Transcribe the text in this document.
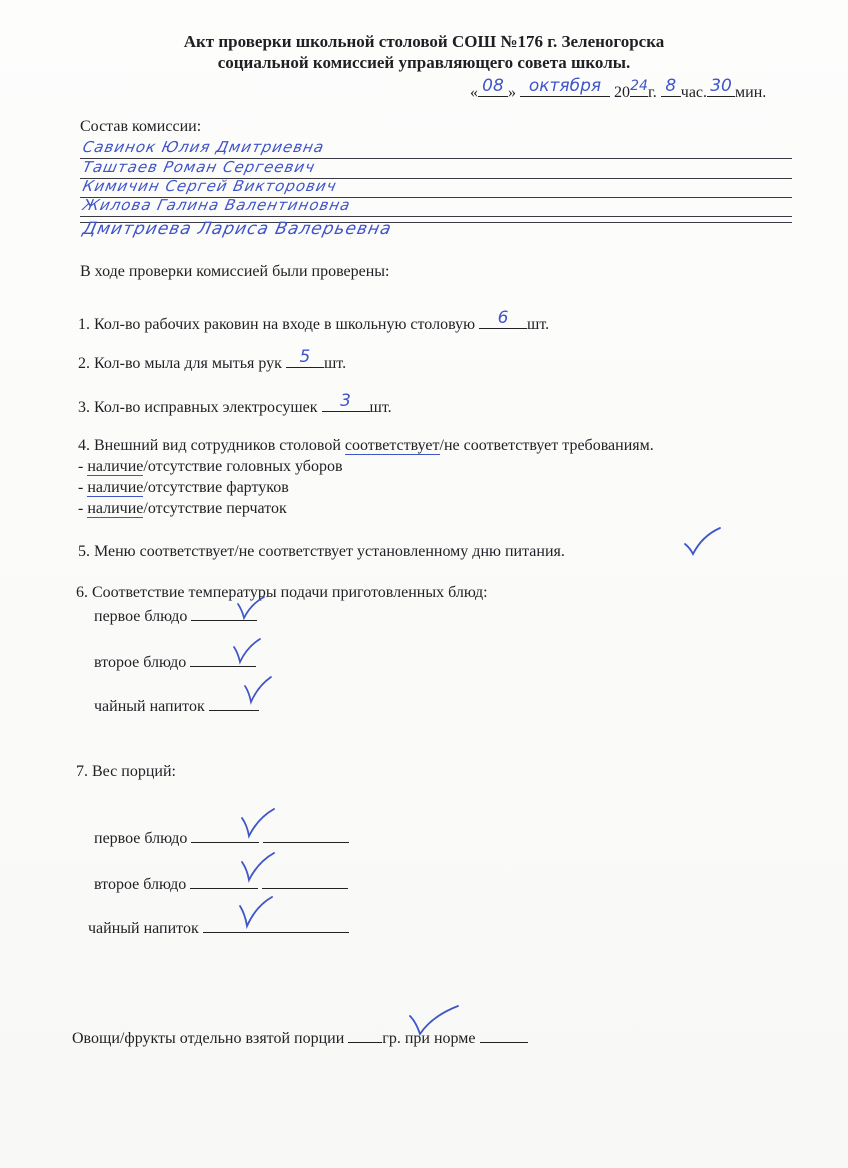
Акт проверки школьной столовой СОШ №176 г. Зеленогорска
социальной комиссией управляющего совета школы.
« 08 » октября 20 24 г. 8 час. 30 мин.
Состав комиссии:
Савинок Юлия Дмитриевна
Таштаев Роман Сергеевич
Кимичин Сергей Викторович
Жилова Галина Валентиновна
Дмитриева Лариса Валерьевна
В ходе проверки комиссией были проверены:
1. Кол-во рабочих раковин на входе в школьную столовую	6	шт.
2. Кол-во мыла для мытья рук	5 шт.
3. Кол-во исправных электросушек	3	шт.
4. Внешний вид сотрудников столовой соответствует/не соответствует требованиям.
- наличие/отсутствие головных уборов
- наличие/отсутствие фартуков
- наличие/отсутствие перчаток
5. Меню соответствует/не соответствует установленному дню питания.
6. Соответствие температуры подачи приготовленных блюд:
первое блюдо
второе блюдо
чайный напиток
7. Вес порций:
первое блюдо
второе блюдо
чайный напиток
Овощи/фрукты отдельно взятой порции гр. при норме
